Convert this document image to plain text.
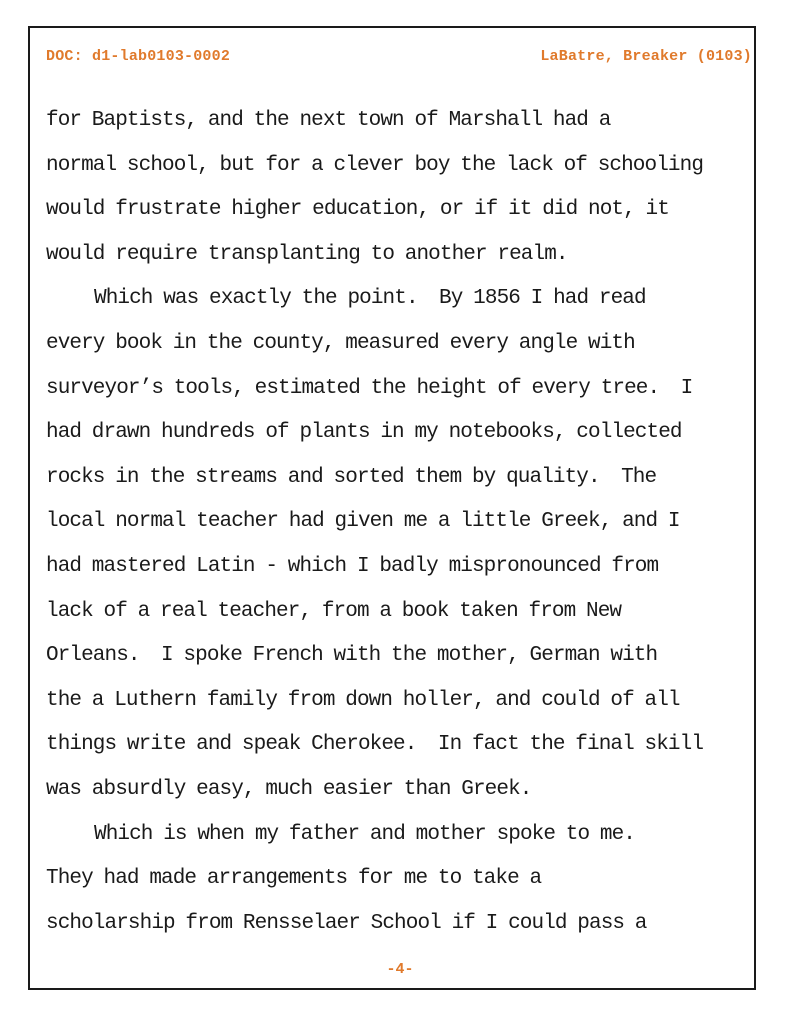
DOC: d1-lab0103-0002	LaBatre, Breaker (0103)
for Baptists, and the next town of Marshall had a
normal school, but for a clever boy the lack of schooling
would frustrate higher education, or if it did not, it
would require transplanting to another realm.
Which was exactly the point.  By 1856 I had read
every book in the county, measured every angle with
surveyor’s tools, estimated the height of every tree.  I
had drawn hundreds of plants in my notebooks, collected
rocks in the streams and sorted them by quality.  The
local normal teacher had given me a little Greek, and I
had mastered Latin - which I badly mispronounced from
lack of a real teacher, from a book taken from New
Orleans.  I spoke French with the mother, German with
the a Luthern family from down holler, and could of all
things write and speak Cherokee.  In fact the final skill
was absurdly easy, much easier than Greek.
Which is when my father and mother spoke to me.
They had made arrangements for me to take a
scholarship from Rensselaer School if I could pass a
-4-
